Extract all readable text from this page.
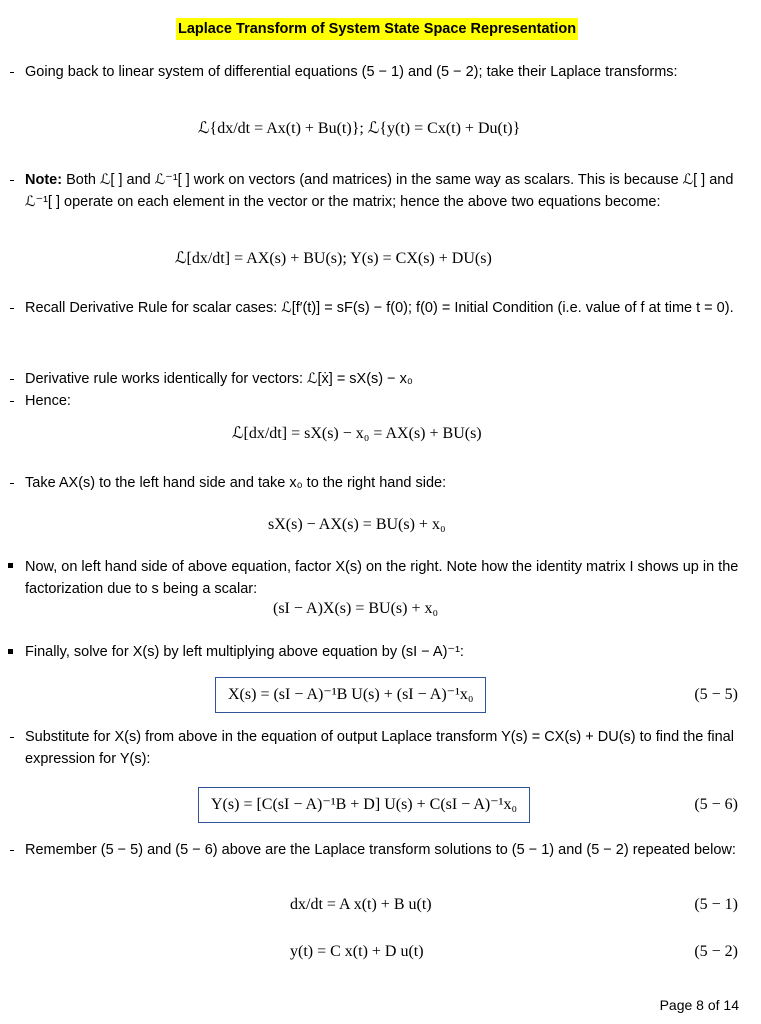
Laplace Transform of System State Space Representation
Going back to linear system of differential equations (5 − 1) and (5 − 2); take their Laplace transforms:
ℒ{dx/dt = Ax(t) + Bu(t)}; ℒ{y(t) = Cx(t) + Du(t)}
Note: Both ℒ[ ] and ℒ⁻¹[ ] work on vectors (and matrices) in the same way as scalars. This is because ℒ[ ] and ℒ⁻¹[ ] operate on each element in the vector or the matrix; hence the above two equations become:
ℒ[dx/dt] = AX(s) + BU(s); Y(s) = CX(s) + DU(s)
Recall Derivative Rule for scalar cases: ℒ[f′(t)] = sF(s) − f(0); f(0) = Initial Condition (i.e. value of f at time t = 0).
Derivative rule works identically for vectors: ℒ[ẋ] = sX(s) − x₀
Hence:
ℒ[dx/dt] = sX(s) − x₀ = AX(s) + BU(s)
Take AX(s) to the left hand side and take x₀ to the right hand side:
sX(s) − AX(s) = BU(s) + x₀
Now, on left hand side of above equation, factor X(s) on the right. Note how the identity matrix I shows up in the factorization due to s being a scalar:
(sI − A)X(s) = BU(s) + x₀
Finally, solve for X(s) by left multiplying above equation by (sI − A)⁻¹:
X(s) = (sI − A)⁻¹B U(s) + (sI − A)⁻¹x₀	(5 − 5)
Substitute for X(s) from above in the equation of output Laplace transform Y(s) = CX(s) + DU(s) to find the final expression for Y(s):
Y(s) = [C(sI − A)⁻¹B + D] U(s) + C(sI − A)⁻¹x₀	(5 − 6)
Remember (5 − 5) and (5 − 6) above are the Laplace transform solutions to (5 − 1) and (5 − 2) repeated below:
dx/dt = A x(t) + B u(t)	(5 − 1)
y(t) = C x(t) + D u(t)	(5 − 2)
Page 8 of 14
